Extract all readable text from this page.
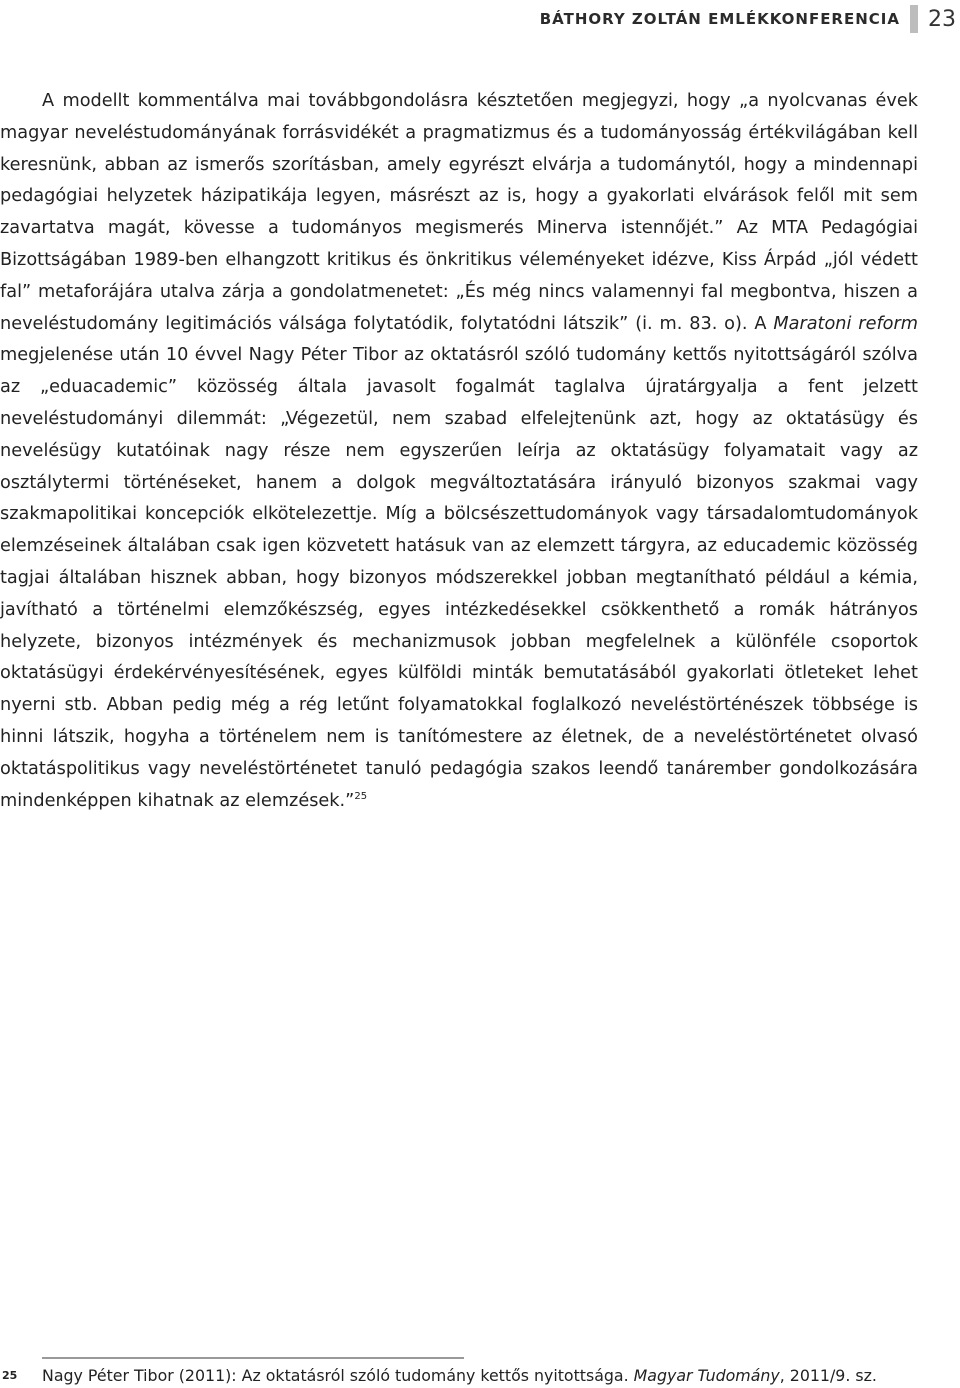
BÁTHORY ZOLTÁN EMLÉKKONFERENCIA 23

A modellt kommentálva mai továbbgondolásra késztetően megjegyzi, hogy „a nyolcvanas évek magyar neveléstudományának forrásvidékét a pragmatizmus és a tudományosság értékvilágában kell keresnünk, abban az ismerős szorításban, amely egyrészt elvárja a tudománytól, hogy a mindennapi pedagógiai helyzetek házipatikája legyen, másrészt az is, hogy a gyakorlati elvárások felől mit sem zavartatva magát, kövesse a tudományos megismerés Minerva istennőjét.” Az MTA Pedagógiai Bizottságában 1989-ben elhangzott kritikus és önkritikus véleményeket idézve, Kiss Árpád „jól védett fal” metaforájára utalva zárja a gondolatmenetet: „És még nincs valamennyi fal megbontva, hiszen a neveléstudomány legitimációs válsága folytatódik, folytatódni látszik” (i. m. 83. o). A Maratoni reform megjelenése után 10 évvel Nagy Péter Tibor az oktatásról szóló tudomány kettős nyitottságáról szólva az „eduacademic” közösség általa javasolt fogalmát taglalva újratárgyalja a fent jelzett neveléstudományi dilemmát: „Végezetül, nem szabad elfelejtenünk azt, hogy az oktatásügy és nevelésügy kutatóinak nagy része nem egyszerűen leírja az oktatásügy folyamatait vagy az osztálytermi történéseket, hanem a dolgok megváltoztatására irányuló bizonyos szakmai vagy szakmapolitikai koncepciók elkötelezettje. Míg a bölcsészettudományok vagy társadalomtudományok elemzéseinek általában csak igen közvetett hatásuk van az elemzett tárgyra, az educademic közösség tagjai általában hisznek abban, hogy bizonyos módszerekkel jobban megtanítható például a kémia, javítható a történelmi elemzőkészség, egyes intézkedésekkel csökkenthető a romák hátrányos helyzete, bizonyos intézmények és mechanizmusok jobban megfelelnek a különféle csoportok oktatásügyi érdekérvényesítésének, egyes külföldi minták bemutatásából gyakorlati ötleteket lehet nyerni stb. Abban pedig még a rég letűnt folyamatokkal foglalkozó neveléstörténészek többsége is hinni látszik, hogyha a történelem nem is tanítómestere az életnek, de a neveléstörténetet olvasó oktatáspolitikus vagy neveléstörténetet tanuló pedagógia szakos leendő tanárember gondolkozására mindenképpen kihatnak az elemzések.”$^{25}$

25 Nagy Péter Tibor (2011): Az oktatásról szóló tudomány kettős nyitottsága. Magyar Tudomány, 2011/9. sz.
